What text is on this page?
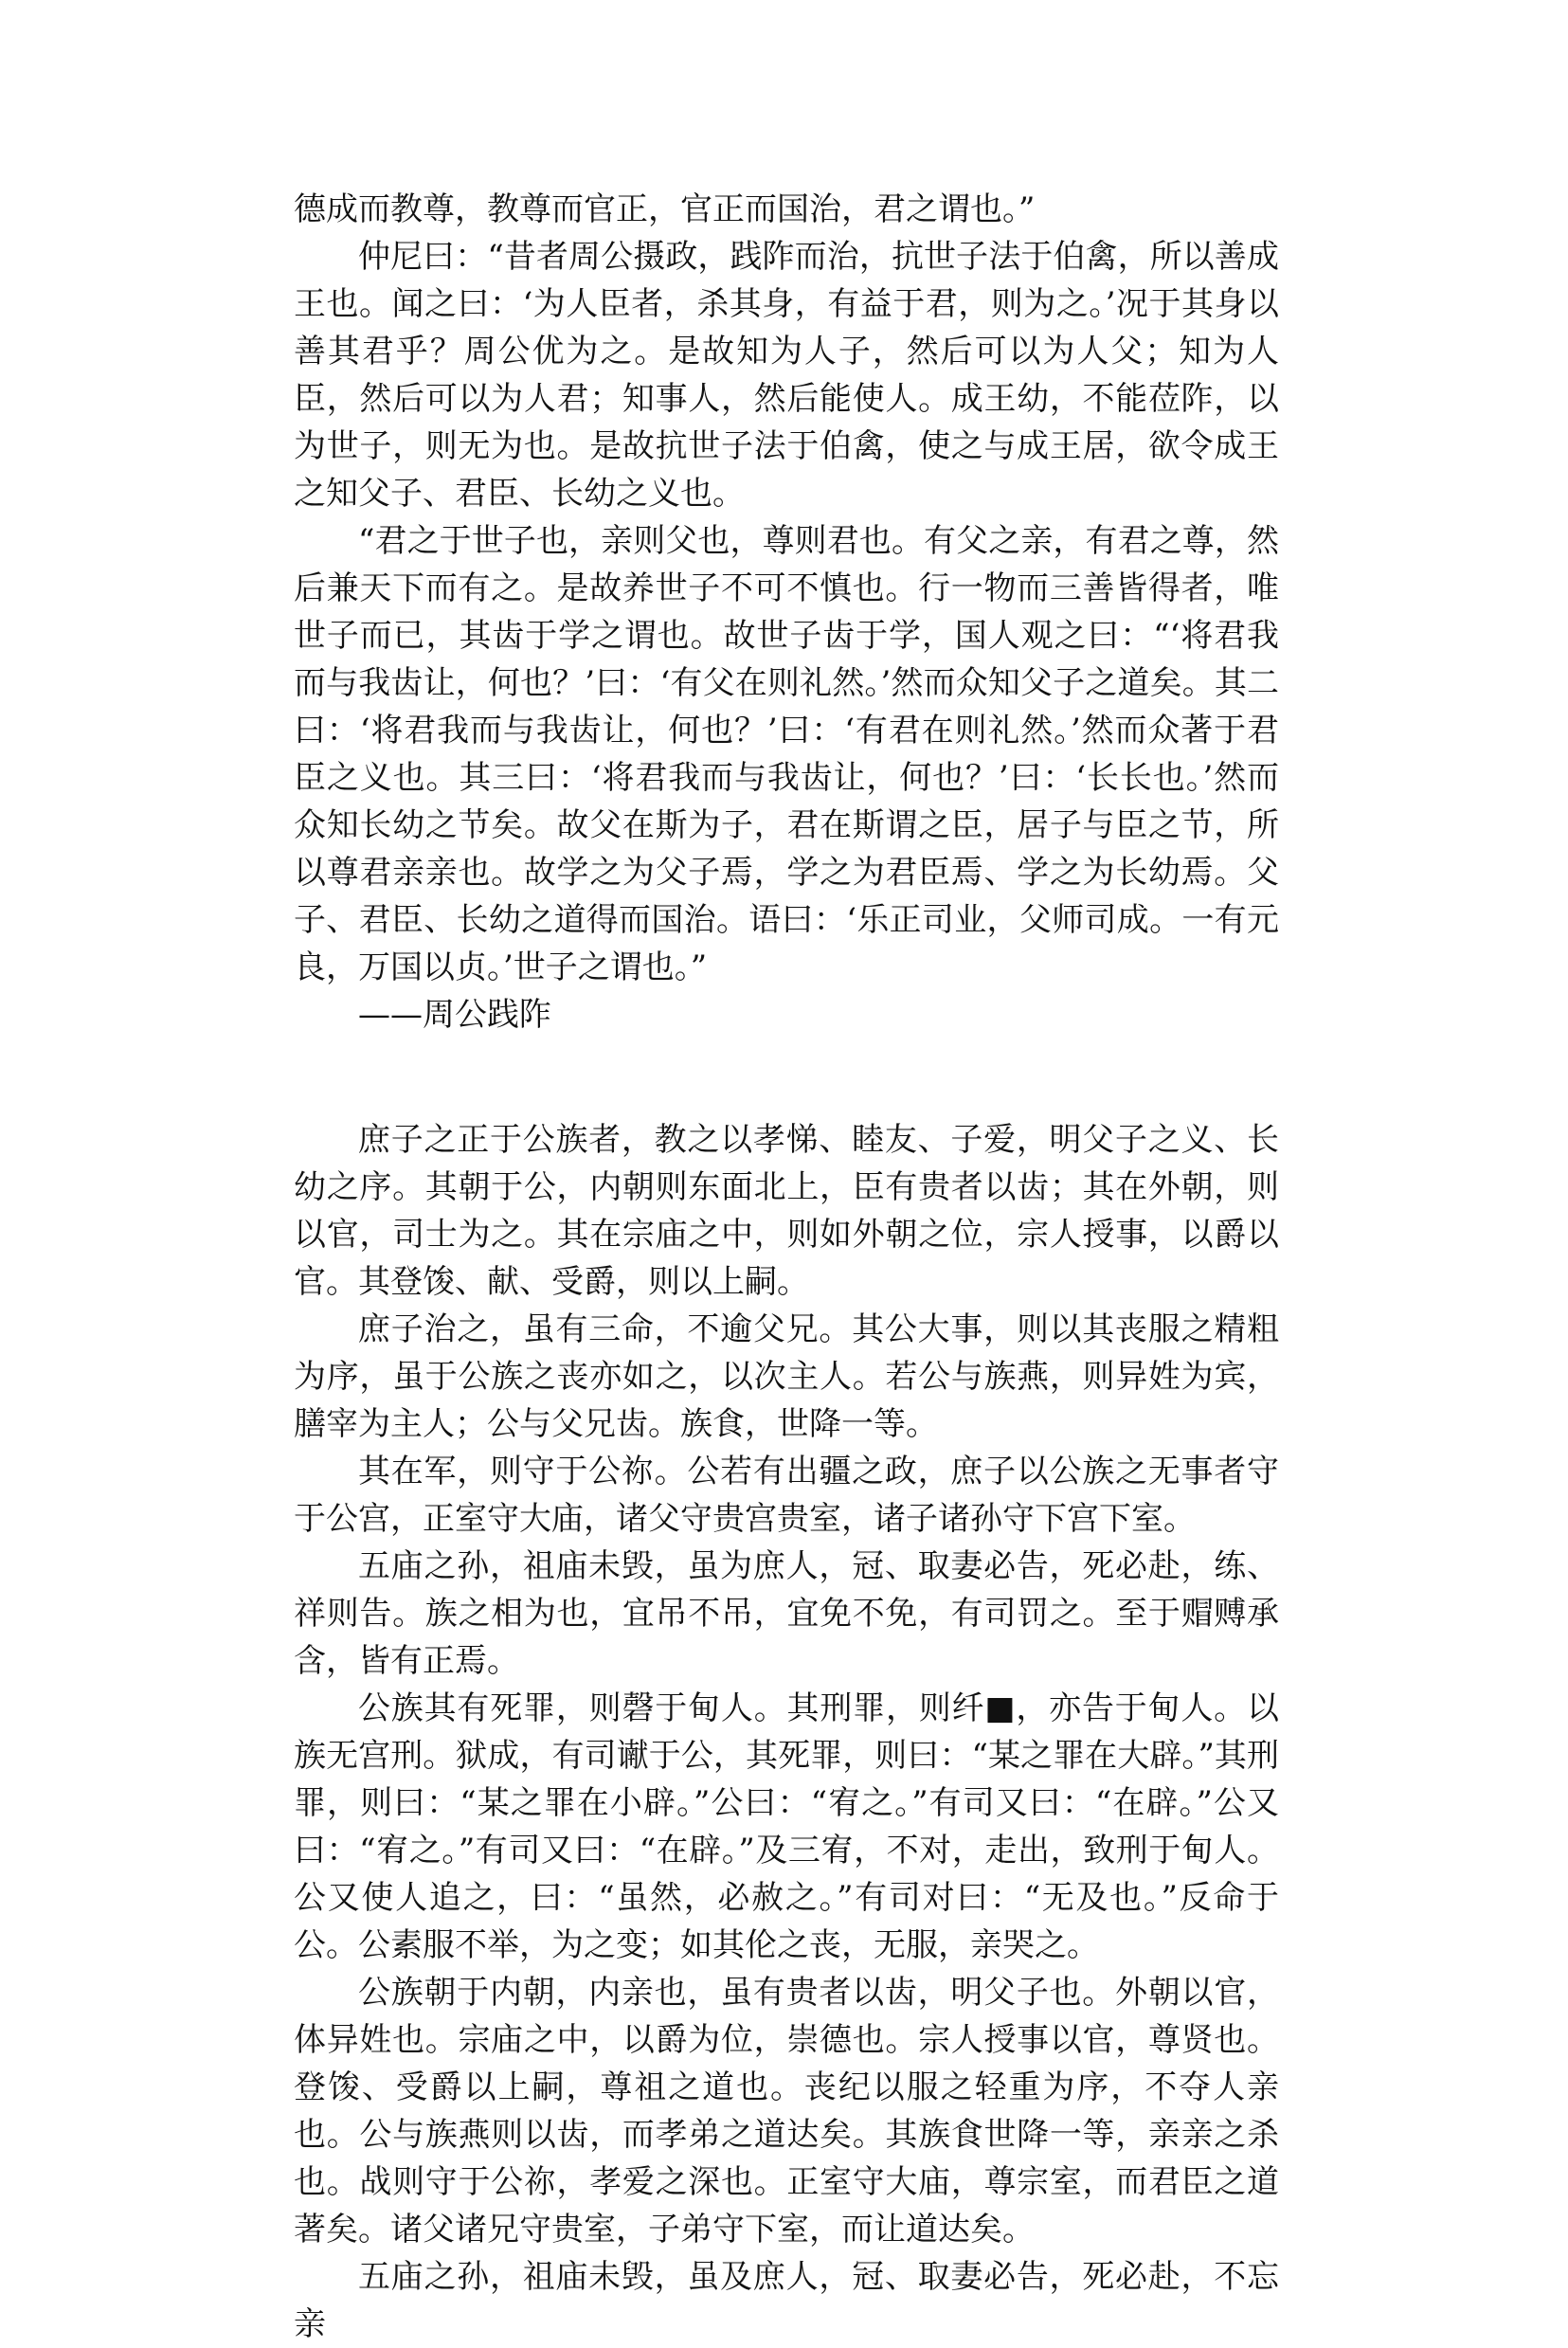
德成而教尊，教尊而官正，官正而国治，君之谓也。”

仲尼曰：“昔者周公摄政，践阼而治，抗世子法于伯禽，所以善成王也。闻之曰：‘为人臣者，杀其身，有益于君，则为之。’况于其身以善其君乎？周公优为之。是故知为人子，然后可以为人父；知为人臣，然后可以为人君；知事人，然后能使人。成王幼，不能莅阼，以为世子，则无为也。是故抗世子法于伯禽，使之与成王居，欲令成王之知父子、君臣、长幼之义也。

“君之于世子也，亲则父也，尊则君也。有父之亲，有君之尊，然后兼天下而有之。是故养世子不可不慎也。行一物而三善皆得者，唯世子而已，其齿于学之谓也。故世子齿于学，国人观之曰：“‘将君我而与我齿让，何也？’曰：‘有父在则礼然。’然而众知父子之道矣。其二曰：‘将君我而与我齿让，何也？’曰：‘有君在则礼然。’然而众著于君臣之义也。其三曰：‘将君我而与我齿让，何也？’曰：‘长长也。’然而众知长幼之节矣。故父在斯为子，君在斯谓之臣，居子与臣之节，所以尊君亲亲也。故学之为父子焉，学之为君臣焉、学之为长幼焉。父子、君臣、长幼之道得而国治。语曰：‘乐正司业，父师司成。一有元良，万国以贞。’世子之谓也。”

——周公践阼

庶子之正于公族者，教之以孝悌、睦友、子爱，明父子之义、长幼之序。其朝于公，内朝则东面北上，臣有贵者以齿；其在外朝，则以官，司士为之。其在宗庙之中，则如外朝之位，宗人授事，以爵以官。其登馂、献、受爵，则以上嗣。

庶子治之，虽有三命，不逾父兄。其公大事，则以其丧服之精粗为序，虽于公族之丧亦如之，以次主人。若公与族燕，则异姓为宾，膳宰为主人；公与父兄齿。族食，世降一等。

其在军，则守于公祢。公若有出疆之政，庶子以公族之无事者守于公宫，正室守大庙，诸父守贵宫贵室，诸子诸孙守下宫下室。

五庙之孙，祖庙未毁，虽为庶人，冠、取妻必告，死必赴，练、祥则告。族之相为也，宜吊不吊，宜免不免，有司罚之。至于赗赙承含，皆有正焉。

公族其有死罪，则磬于甸人。其刑罪，则纤■，亦告于甸人。以族无宫刑。狱成，有司谳于公，其死罪，则曰：“某之罪在大辟。”其刑罪，则曰：“某之罪在小辟。”公曰：“宥之。”有司又曰：“在辟。”公又曰：“宥之。”有司又曰：“在辟。”及三宥，不对，走出，致刑于甸人。公又使人追之，曰：“虽然，必赦之。”有司对曰：“无及也。”反命于公。公素服不举，为之变；如其伦之丧，无服，亲哭之。

公族朝于内朝，内亲也，虽有贵者以齿，明父子也。外朝以官，体异姓也。宗庙之中，以爵为位，崇德也。宗人授事以官，尊贤也。登馂、受爵以上嗣，尊祖之道也。丧纪以服之轻重为序，不夺人亲也。公与族燕则以齿，而孝弟之道达矣。其族食世降一等，亲亲之杀也。战则守于公祢，孝爱之深也。正室守大庙，尊宗室，而君臣之道著矣。诸父诸兄守贵室，子弟守下室，而让道达矣。

五庙之孙，祖庙未毁，虽及庶人，冠、取妻必告，死必赴，不忘亲
